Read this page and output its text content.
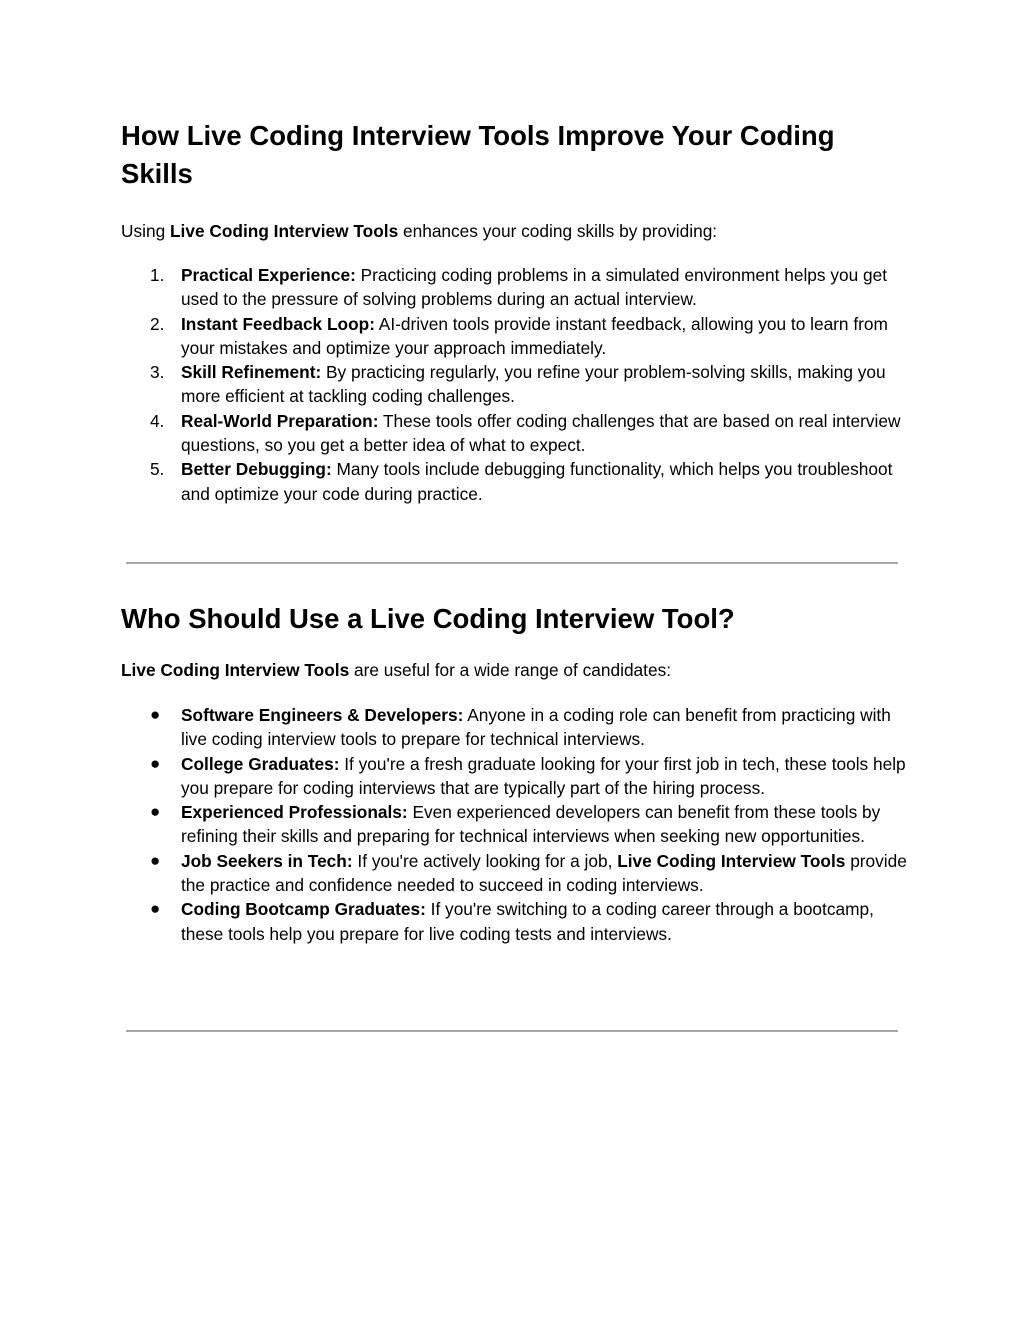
How Live Coding Interview Tools Improve Your Coding Skills

Using Live Coding Interview Tools enhances your coding skills by providing:

1. Practical Experience: Practicing coding problems in a simulated environment helps you get used to the pressure of solving problems during an actual interview.
2. Instant Feedback Loop: AI-driven tools provide instant feedback, allowing you to learn from your mistakes and optimize your approach immediately.
3. Skill Refinement: By practicing regularly, you refine your problem-solving skills, making you more efficient at tackling coding challenges.
4. Real-World Preparation: These tools offer coding challenges that are based on real interview questions, so you get a better idea of what to expect.
5. Better Debugging: Many tools include debugging functionality, which helps you troubleshoot and optimize your code during practice.
Who Should Use a Live Coding Interview Tool?

Live Coding Interview Tools are useful for a wide range of candidates:

●	Software Engineers & Developers: Anyone in a coding role can benefit from practicing with live coding interview tools to prepare for technical interviews.
●	College Graduates: If you're a fresh graduate looking for your first job in tech, these tools help you prepare for coding interviews that are typically part of the hiring process.
●	Experienced Professionals: Even experienced developers can benefit from these tools by refining their skills and preparing for technical interviews when seeking new opportunities.
●	Job Seekers in Tech: If you're actively looking for a job, Live Coding Interview Tools provide the practice and confidence needed to succeed in coding interviews.
●	Coding Bootcamp Graduates: If you're switching to a coding career through a bootcamp, these tools help you prepare for live coding tests and interviews.
